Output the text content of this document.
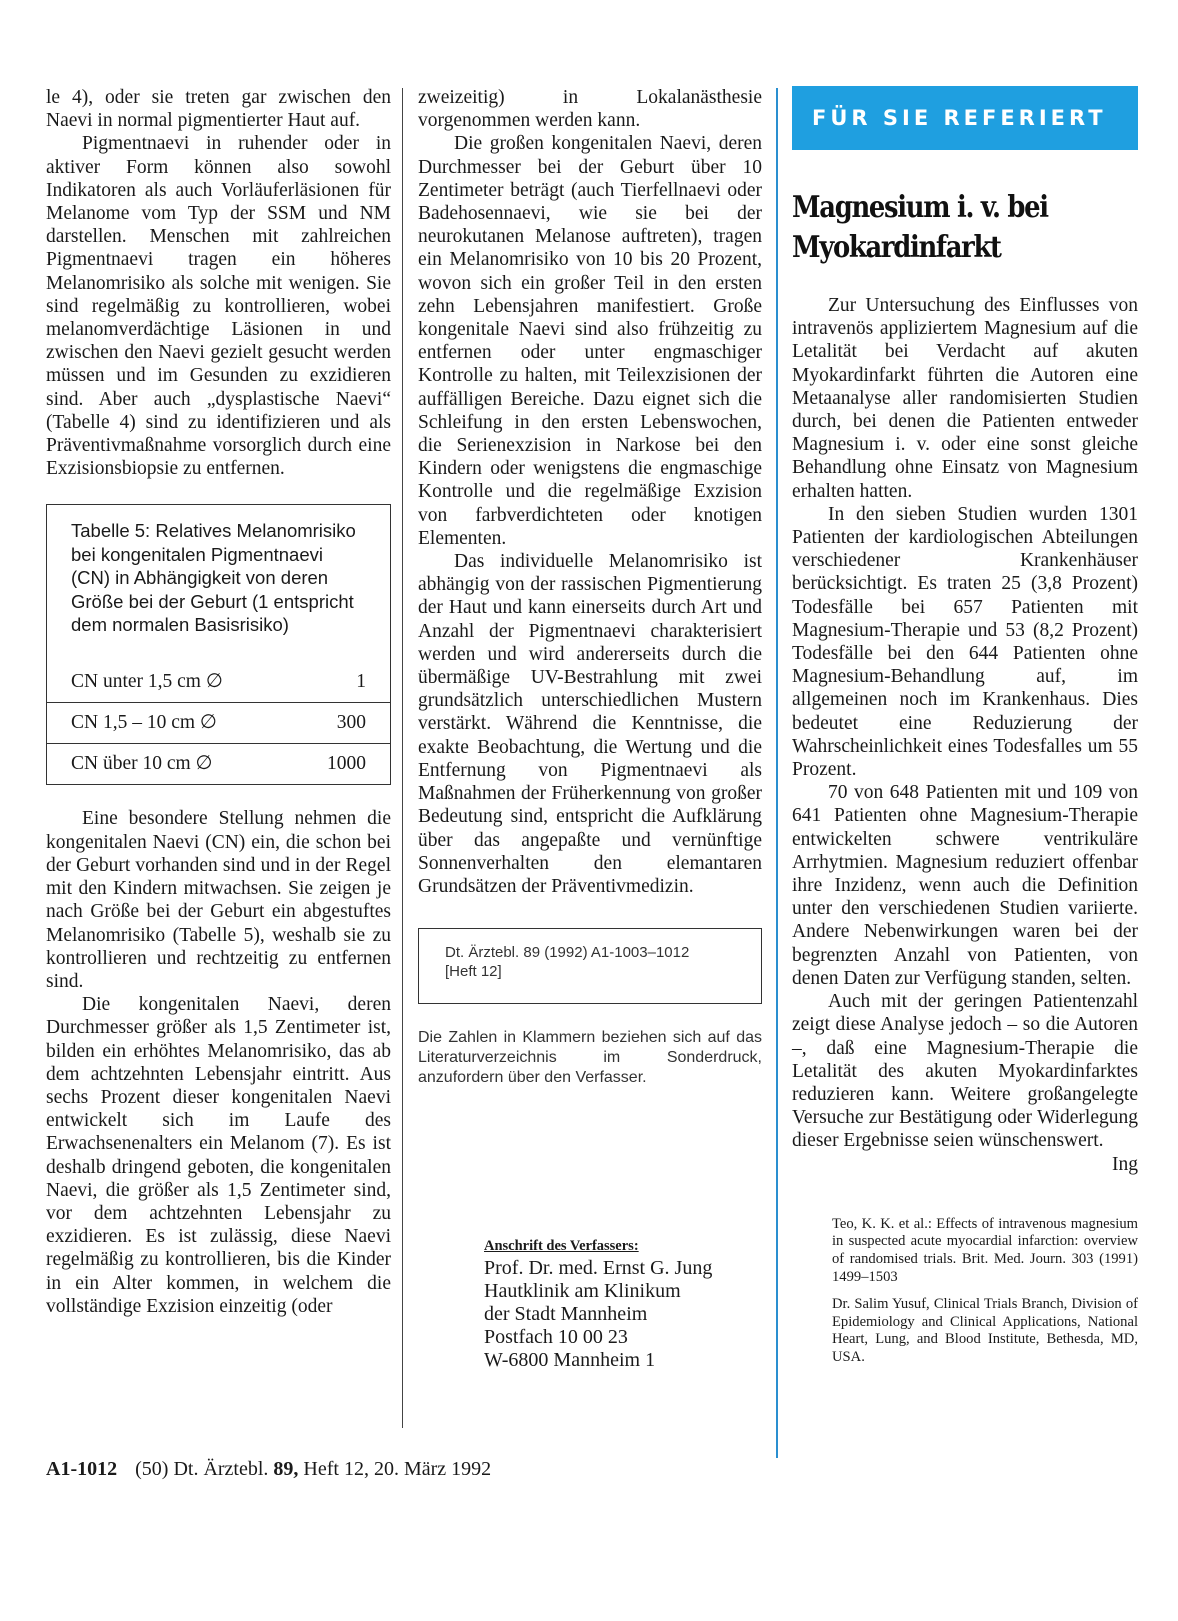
le 4), oder sie treten gar zwischen den Naevi in normal pigmentierter Haut auf.

Pigmentnaevi in ruhender oder in aktiver Form können also sowohl Indikatoren als auch Vorläuferläsionen für Melanome vom Typ der SSM und NM darstellen. Menschen mit zahlreichen Pigmentnaevi tragen ein höheres Melanomrisiko als solche mit wenigen. Sie sind regelmäßig zu kontrollieren, wobei melanomverdächtige Läsionen in und zwischen den Naevi gezielt gesucht werden müssen und im Gesunden zu exzidieren sind. Aber auch „dysplastische Naevi“ (Tabelle 4) sind zu identifizieren und als Präventivmaßnahme vorsorglich durch eine Exzisionsbiopsie zu entfernen.

Tabelle 5: Relatives Melanomrisiko bei kongenitalen Pigmentnaevi (CN) in Abhängigkeit von deren Größe bei der Geburt (1 entspricht dem normalen Basisrisiko)

CN unter 1,5 cm ∅	1
CN 1,5 – 10 cm ∅	300
CN über 10 cm ∅	1000

Eine besondere Stellung nehmen die kongenitalen Naevi (CN) ein, die schon bei der Geburt vorhanden sind und in der Regel mit den Kindern mitwachsen. Sie zeigen je nach Größe bei der Geburt ein abgestuftes Melanomrisiko (Tabelle 5), weshalb sie zu kontrollieren und rechtzeitig zu entfernen sind.

Die kongenitalen Naevi, deren Durchmesser größer als 1,5 Zentimeter ist, bilden ein erhöhtes Melanomrisiko, das ab dem achtzehnten Lebensjahr eintritt. Aus sechs Prozent dieser kongenitalen Naevi entwickelt sich im Laufe des Erwachsenenalters ein Melanom (7). Es ist deshalb dringend geboten, die kongenitalen Naevi, die größer als 1,5 Zentimeter sind, vor dem achtzehnten Lebensjahr zu exzidieren. Es ist zulässig, diese Naevi regelmäßig zu kontrollieren, bis die Kinder in ein Alter kommen, in welchem die vollständige Exzision einzeitig (oder

zweizeitig) in Lokalanästhesie vorgenommen werden kann.

Die großen kongenitalen Naevi, deren Durchmesser bei der Geburt über 10 Zentimeter beträgt (auch Tierfellnaevi oder Badehosennaevi, wie sie bei der neurokutanen Melanose auftreten), tragen ein Melanomrisiko von 10 bis 20 Prozent, wovon sich ein großer Teil in den ersten zehn Lebensjahren manifestiert. Große kongenitale Naevi sind also frühzeitig zu entfernen oder unter engmaschiger Kontrolle zu halten, mit Teilexzisionen der auffälligen Bereiche. Dazu eignet sich die Schleifung in den ersten Lebenswochen, die Serienexzision in Narkose bei den Kindern oder wenigstens die engmaschige Kontrolle und die regelmäßige Exzision von farbverdichteten oder knotigen Elementen.

Das individuelle Melanomrisiko ist abhängig von der rassischen Pigmentierung der Haut und kann einerseits durch Art und Anzahl der Pigmentnaevi charakterisiert werden und wird andererseits durch die übermäßige UV-Bestrahlung mit zwei grundsätzlich unterschiedlichen Mustern verstärkt. Während die Kenntnisse, die exakte Beobachtung, die Wertung und die Entfernung von Pigmentnaevi als Maßnahmen der Früherkennung von großer Bedeutung sind, entspricht die Aufklärung über das angepaßte und vernünftige Sonnenverhalten den elemantaren Grundsätzen der Präventivmedizin.

Dt. Ärztebl. 89 (1992) A1-1003–1012
[Heft 12]

Die Zahlen in Klammern beziehen sich auf das Literaturverzeichnis im Sonderdruck, anzufordern über den Verfasser.

Anschrift des Verfassers:

Prof. Dr. med. Ernst G. Jung

Hautklinik am Klinikum

der Stadt Mannheim

Postfach 10 00 23

W-6800 Mannheim 1

FÜR SIE REFERIERT
Magnesium i. v. bei
Myokardinfarkt

Zur Untersuchung des Einflusses von intravenös appliziertem Magnesium auf die Letalität bei Verdacht auf akuten Myokardinfarkt führten die Autoren eine Metaanalyse aller randomisierten Studien durch, bei denen die Patienten entweder Magnesium i. v. oder eine sonst gleiche Behandlung ohne Einsatz von Magnesium erhalten hatten.

In den sieben Studien wurden 1301 Patienten der kardiologischen Abteilungen verschiedener Krankenhäuser berücksichtigt. Es traten 25 (3,8 Prozent) Todesfälle bei 657 Patienten mit Magnesium-Therapie und 53 (8,2 Prozent) Todesfälle bei den 644 Patienten ohne Magnesium-Behandlung auf, im allgemeinen noch im Krankenhaus. Dies bedeutet eine Reduzierung der Wahrscheinlichkeit eines Todesfalles um 55 Prozent.

70 von 648 Patienten mit und 109 von 641 Patienten ohne Magnesium-Therapie entwickelten schwere ventrikuläre Arrhytmien. Magnesium reduziert offenbar ihre Inzidenz, wenn auch die Definition unter den verschiedenen Studien variierte. Andere Nebenwirkungen waren bei der begrenzten Anzahl von Patienten, von denen Daten zur Verfügung standen, selten.

Auch mit der geringen Patientenzahl zeigt diese Analyse jedoch – so die Autoren –, daß eine Magnesium-Therapie die Letalität des akuten Myokardinfarktes reduzieren kann. Weitere großangelegte Versuche zur Bestätigung oder Widerlegung dieser Ergebnisse seien wünschenswert.

Ing

Teo, K. K. et al.: Effects of intravenous magnesium in suspected acute myocardial infarction: overview of randomised trials. Brit. Med. Journ. 303 (1991) 1499–1503

Dr. Salim Yusuf, Clinical Trials Branch, Division of Epidemiology and Clinical Applications, National Heart, Lung, and Blood Institute, Bethesda, MD, USA.

A1-1012 (50) Dt. Ärztebl. 89, Heft 12, 20. März 1992
